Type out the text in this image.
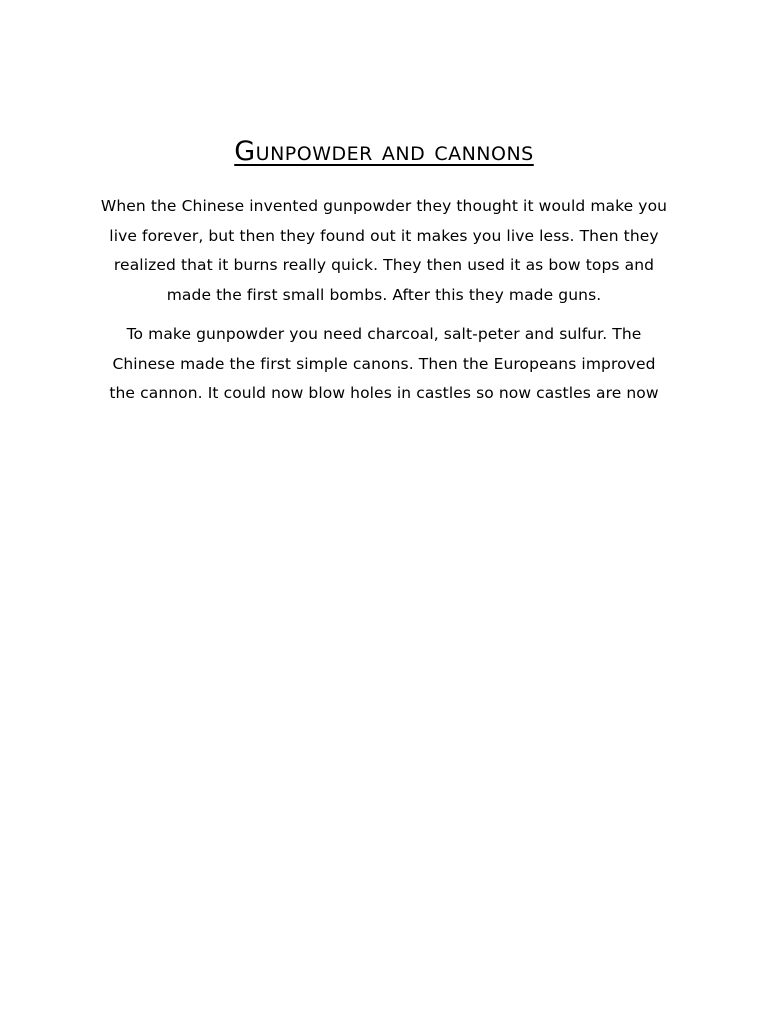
Gunpowder and cannons
When the Chinese invented gunpowder they thought it would make you
live forever, but then they found out it makes you live less. Then they
realized that it burns really quick. They then used it as bow tops and
made the first small bombs. After this they made guns.
To make gunpowder you need charcoal, salt-peter and sulfur. The
Chinese made the first simple canons. Then the Europeans improved
the cannon. It could now blow holes in castles so now castles are now
